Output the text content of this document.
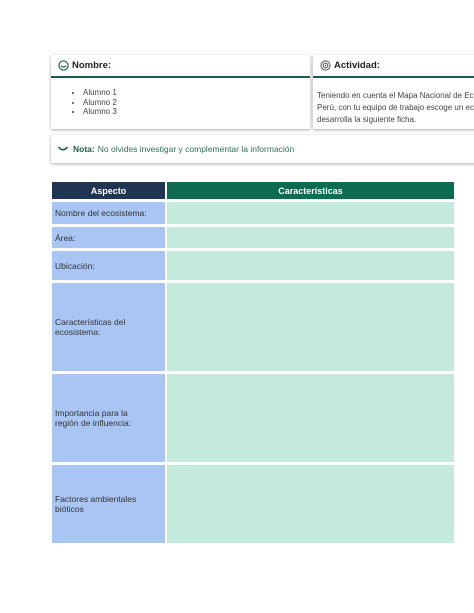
Nombre:
• Alumno 1
• Alumno 2
• Alumno 3
Actividad:
Teniendo en cuenta el Mapa Nacional de Ec
Perú, con tu equipo de trabajo escoge un ec
desarrolla la siguiente ficha.
Nota: No olvides investigar y complementar la información
Aspecto	Características
Nombre del ecosistema:
Área:
Ubicación:
Características del ecosistema:
Importancia para la región de influencia:
Factores ambientales bióticos
